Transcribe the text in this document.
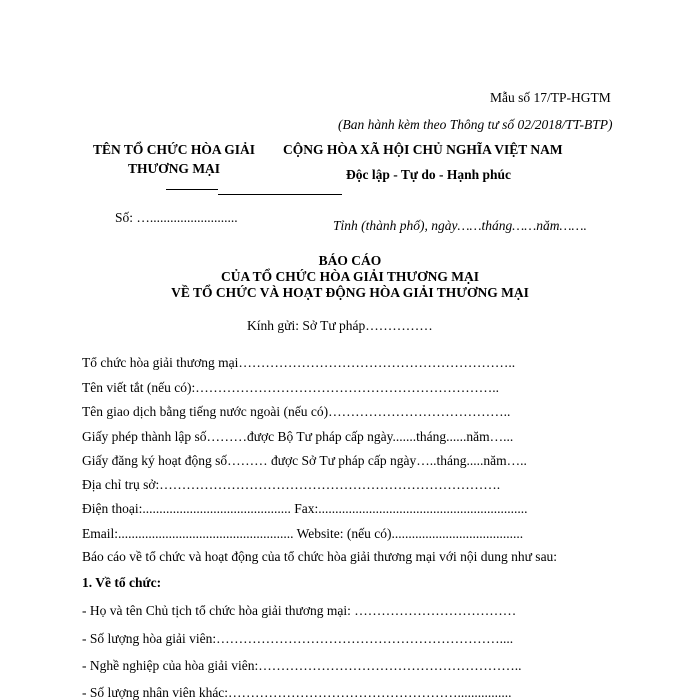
Mẫu số 17/TP-HGTM
(Ban hành kèm theo Thông tư số 02/2018/TT-BTP)
TÊN TỔ CHỨC HÒA GIẢI
THƯƠNG MẠI
CỘNG HÒA XÃ HỘI CHỦ NGHĨA VIỆT NAM
Độc lập - Tự do - Hạnh phúc
Số: …..........................
Tỉnh (thành phố), ngày……tháng……năm…….
BÁO CÁO
CỦA TỔ CHỨC HÒA GIẢI THƯƠNG MẠI
VỀ TỔ CHỨC VÀ HOẠT ĐỘNG HÒA GIẢI THƯƠNG MẠI
Kính gửi: Sở Tư pháp……………
Tổ chức hòa giải thương mại……………………………………………………..
Tên viết tắt (nếu có):…………………………………………………………..
Tên giao dịch bằng tiếng nước ngoài (nếu có)…………………………………..
Giấy phép thành lập số………được Bộ Tư pháp cấp ngày.......tháng......năm…...
Giấy đăng ký hoạt động số……… được Sở Tư pháp cấp ngày…..tháng.....năm…..
Địa chỉ trụ sở:………………………………………………………………….
Điện thoại:............................................ Fax:..............................................................
Email:.................................................... Website: (nếu có).......................................
Báo cáo về tổ chức và hoạt động của tổ chức hòa giải thương mại với nội dung như sau:
1. Về tổ chức:
- Họ và tên Chủ tịch tổ chức hòa giải thương mại: ………………………………
- Số lượng hòa giải viên:………………………………………………………....
- Nghề nghiệp của hòa giải viên:…………………………………………………..
- Số lượng nhân viên khác:……………………………………………................
